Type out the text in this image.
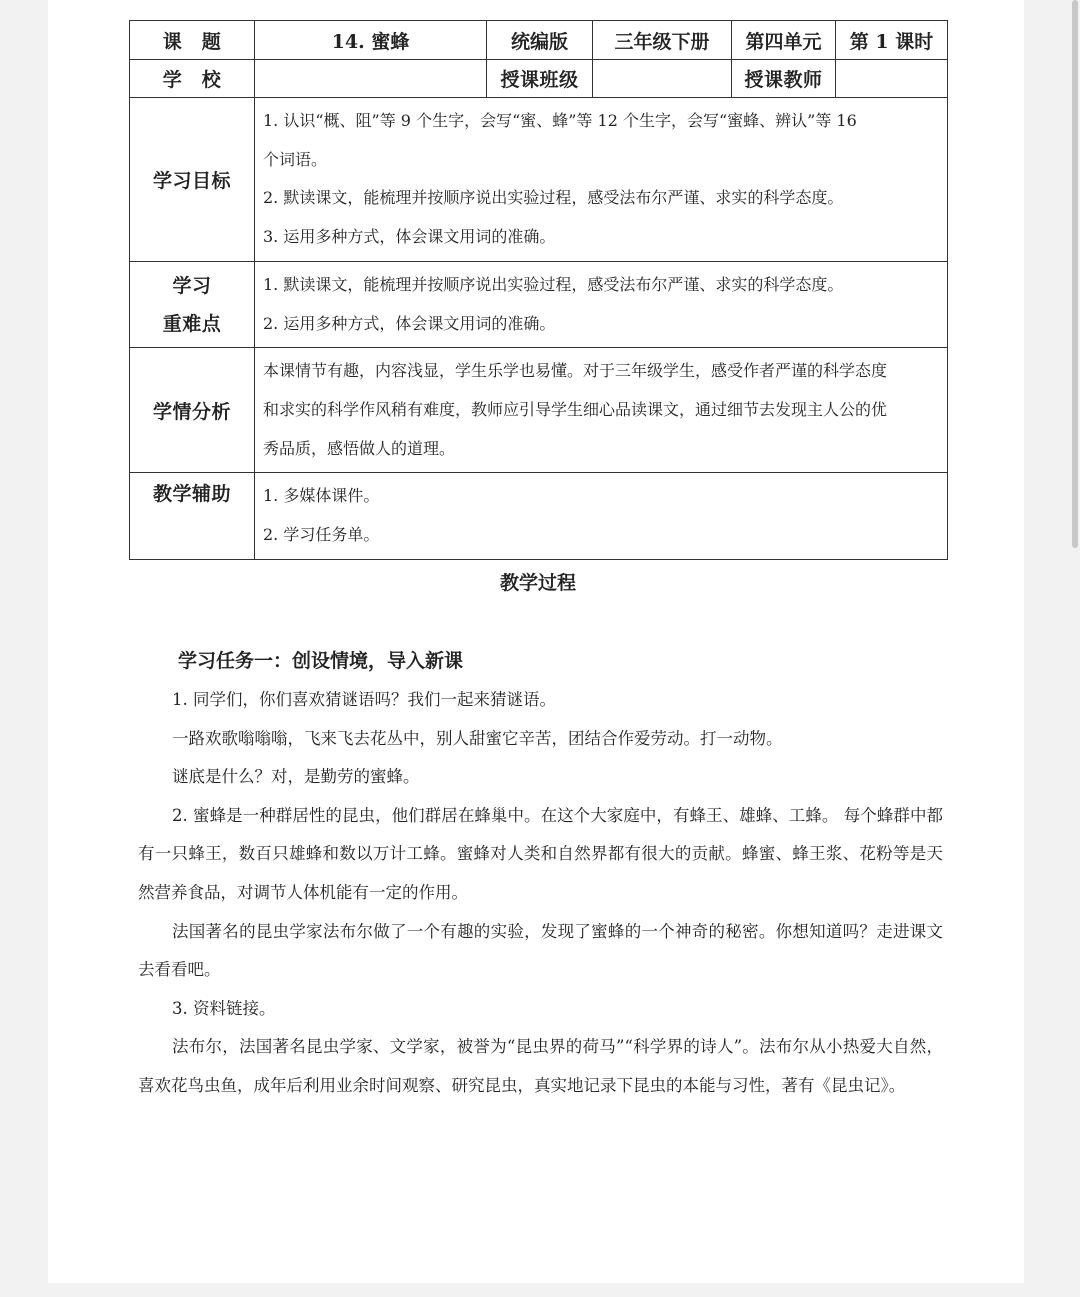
课　题	14. 蜜蜂	统编版	三年级下册	第四单元	第 1 课时
学　校		授课班级		授课教师	
学习目标	1. 认识“概、阻”等 9 个生字，会写“蜜、蜂”等 12 个生字，会写“蜜蜂、辨认”等 16
个词语。
2. 默读课文，能梳理并按顺序说出实验过程，感受法布尔严谨、求实的科学态度。
3. 运用多种方式，体会课文用词的准确。				

学习
重难点	1. 默读课文，能梳理并按顺序说出实验过程，感受法布尔严谨、求实的科学态度。
2. 运用多种方式，体会课文用词的准确。				

学情分析	本课情节有趣，内容浅显，学生乐学也易懂。对于三年级学生，感受作者严谨的科学态度
和求实的科学作风稍有难度，教师应引导学生细心品读课文，通过细节去发现主人公的优
秀品质，感悟做人的道理。				

教学辅助	1. 多媒体课件。
2. 学习任务单。				
教学过程
学习任务一：创设情境，导入新课

1. 同学们，你们喜欢猜谜语吗？我们一起来猜谜语。

一路欢歌嗡嗡嗡，飞来飞去花丛中，别人甜蜜它辛苦，团结合作爱劳动。打一动物。

谜底是什么？对，是勤劳的蜜蜂。

2. 蜜蜂是一种群居性的昆虫，他们群居在蜂巢中。在这个大家庭中，有蜂王、雄蜂、工蜂。 每个蜂群中都有一只蜂王，数百只雄蜂和数以万计工蜂。蜜蜂对人类和自然界都有很大的贡献。蜂蜜、蜂王浆、花粉等是天然营养食品，对调节人体机能有一定的作用。

法国著名的昆虫学家法布尔做了一个有趣的实验，发现了蜜蜂的一个神奇的秘密。你想知道吗？走进课文去看看吧。

3. 资料链接。

法布尔，法国著名昆虫学家、文学家，被誉为“昆虫界的荷马”“科学界的诗人”。法布尔从小热爱大自然，喜欢花鸟虫鱼，成年后利用业余时间观察、研究昆虫，真实地记录下昆虫的本能与习性，著有《昆虫记》。
